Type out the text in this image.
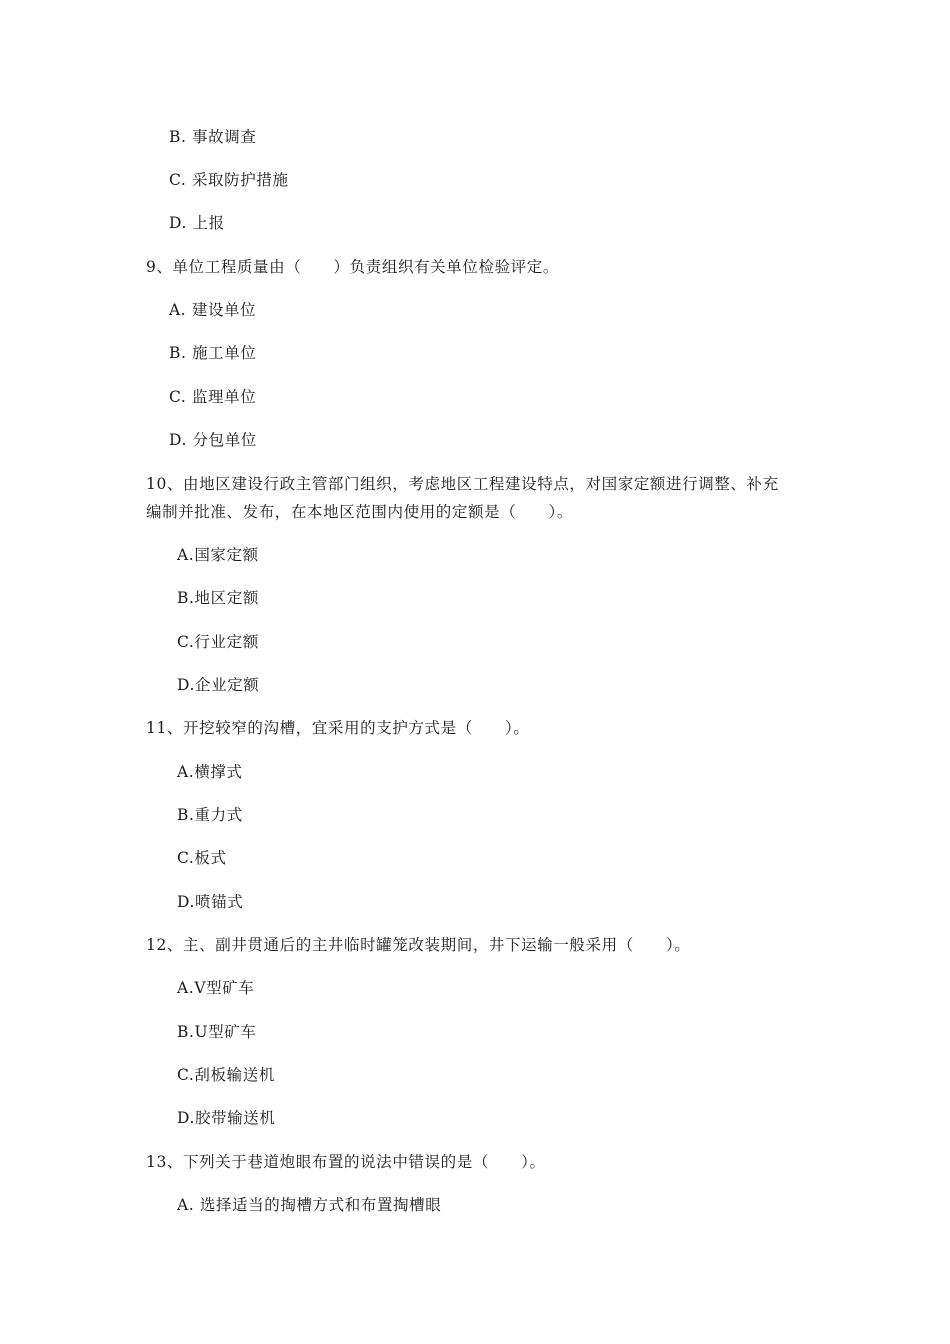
B. 事故调查
C. 采取防护措施
D. 上报
9、单位工程质量由（　　）负责组织有关单位检验评定。
A. 建设单位
B. 施工单位
C. 监理单位
D. 分包单位
10、由地区建设行政主管部门组织，考虑地区工程建设特点，对国家定额进行调整、补充
编制并批准、发布，在本地区范围内使用的定额是（　　）。
A.国家定额
B.地区定额
C.行业定额
D.企业定额
11、开挖较窄的沟槽，宜采用的支护方式是（　　）。
A.横撑式
B.重力式
C.板式
D.喷锚式
12、主、副井贯通后的主井临时罐笼改装期间，井下运输一般采用（　　）。
A.V型矿车
B.U型矿车
C.刮板输送机
D.胶带输送机
13、下列关于巷道炮眼布置的说法中错误的是（　　）。
A. 选择适当的掏槽方式和布置掏槽眼
